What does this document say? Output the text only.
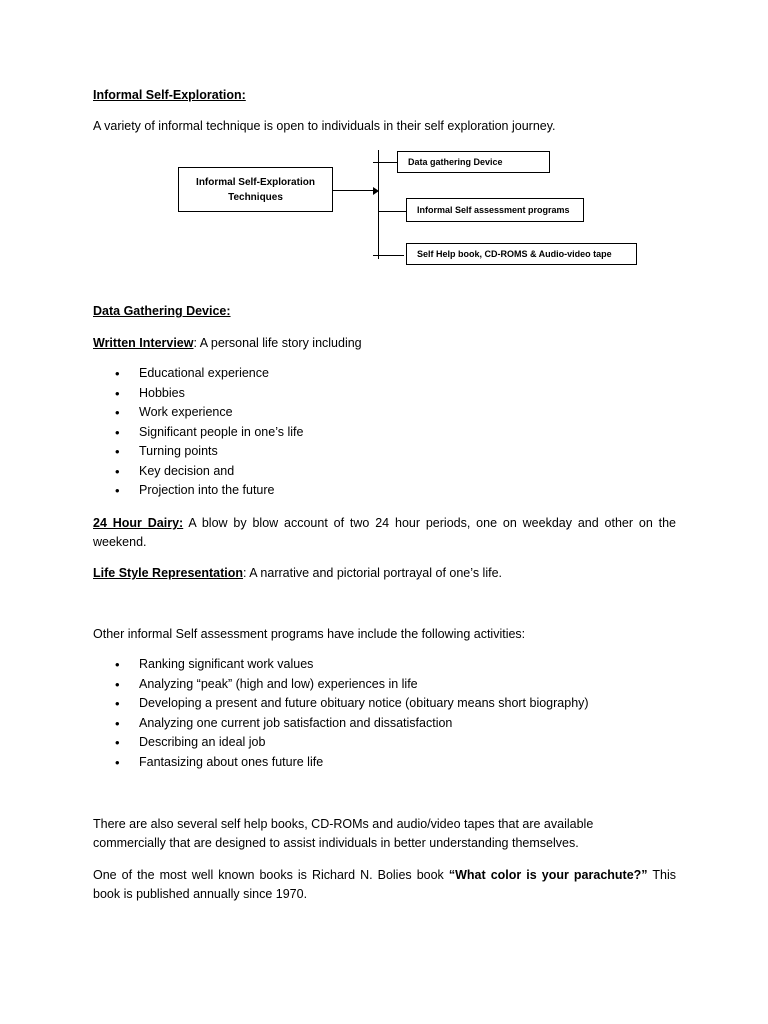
Informal Self-Exploration:
A variety of informal technique is open to individuals in their self exploration journey.
Informal Self-Exploration
Techniques
Data gathering Device
Informal Self assessment programs
Self Help book, CD-ROMS & Audio-video tape
Data Gathering Device:
Written Interview: A personal life story including
• Educational experience
• Hobbies
• Work experience
• Significant people in one’s life
• Turning points
• Key decision and
• Projection into the future
24 Hour Dairy: A blow by blow account of two 24 hour periods, one on weekday and other on the weekend.
Life Style Representation: A narrative and pictorial portrayal of one’s life.
Other informal Self assessment programs have include the following activities:
• Ranking significant work values
• Analyzing “peak” (high and low) experiences in life
• Developing a present and future obituary notice (obituary means short biography)
• Analyzing one current job satisfaction and dissatisfaction
• Describing an ideal job
• Fantasizing about ones future life
There are also several self help books, CD-ROMs and audio/video tapes that are available commercially that are designed to assist individuals in better understanding themselves.
One of the most well known books is Richard N. Bolies book “What color is your parachute?” This book is published annually since 1970.
